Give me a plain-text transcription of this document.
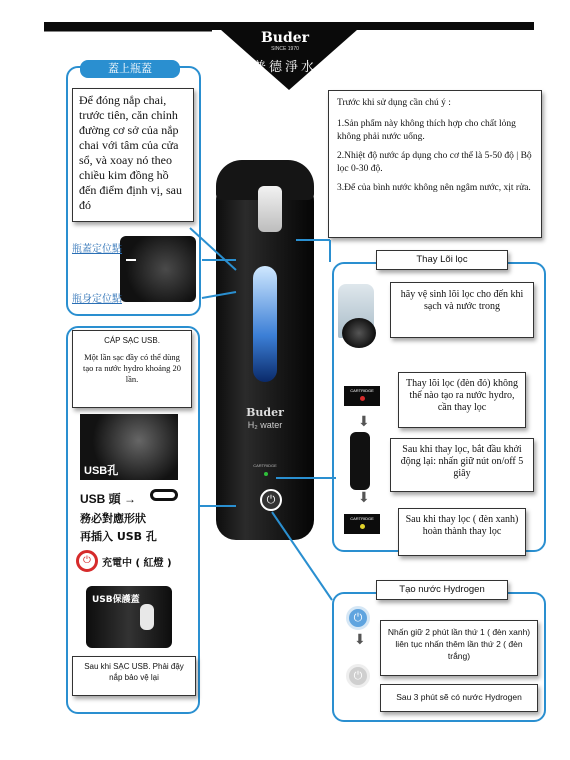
Buder
SINCE 1970
普德淨水
蓋上瓶蓋
Để đóng nắp chai, trước tiên, căn chỉnh đường cơ sở của nắp chai với tâm của cửa sổ, và xoay nó theo chiều kim đồng hồ đến điểm định vị, sau đó
瓶蓋定位點
瓶身定位點
Trước khi sử dụng cần chú ý :
1.Sản phẩm này không thích hợp cho chất lỏng không phải nước uống.
2.Nhiệt độ nước áp dụng cho cơ thể là 5-50 độ | Bộ lọc 0-30 độ.
3.Để của bình nước không nên ngâm nước, xịt rửa.
Buder
H₂ water
CARTRIDGE
⏻
Thay Lõi lọc
hãy vệ sinh lõi lọc cho đến khi sạch và nước trong
CARTRIDGE
Thay lõi lọc (đèn đỏ) không thể nào tạo ra nước hydro, cần thay lọc
⬇
⬇
Sau khi thay lọc, bắt đầu khởi động lại: nhấn giữ nút on/off 5 giây
CARTRIDGE	Sau khi thay lọc ( đèn xanh) hoàn thành thay lọc
CÁP SẠC USB.
Một lần sạc đầy có thể dùng tạo ra nước hydro khoảng 20 lần.
USB孔
USB 頭 →
務必對應形狀
再插入 USB 孔
⏻	充電中 ( 紅燈 )
USB保護蓋
Sau khi SẠC USB. Phải đậy nắp bảo vệ lại
Tạo nước Hydrogen
⏻
⬇
⏻
Nhấn giữ 2 phút lần thứ 1 ( đèn xanh) liên tục nhấn thêm lần thứ 2 ( đèn trắng)
Sau 3 phút sẽ có nước Hydrogen
